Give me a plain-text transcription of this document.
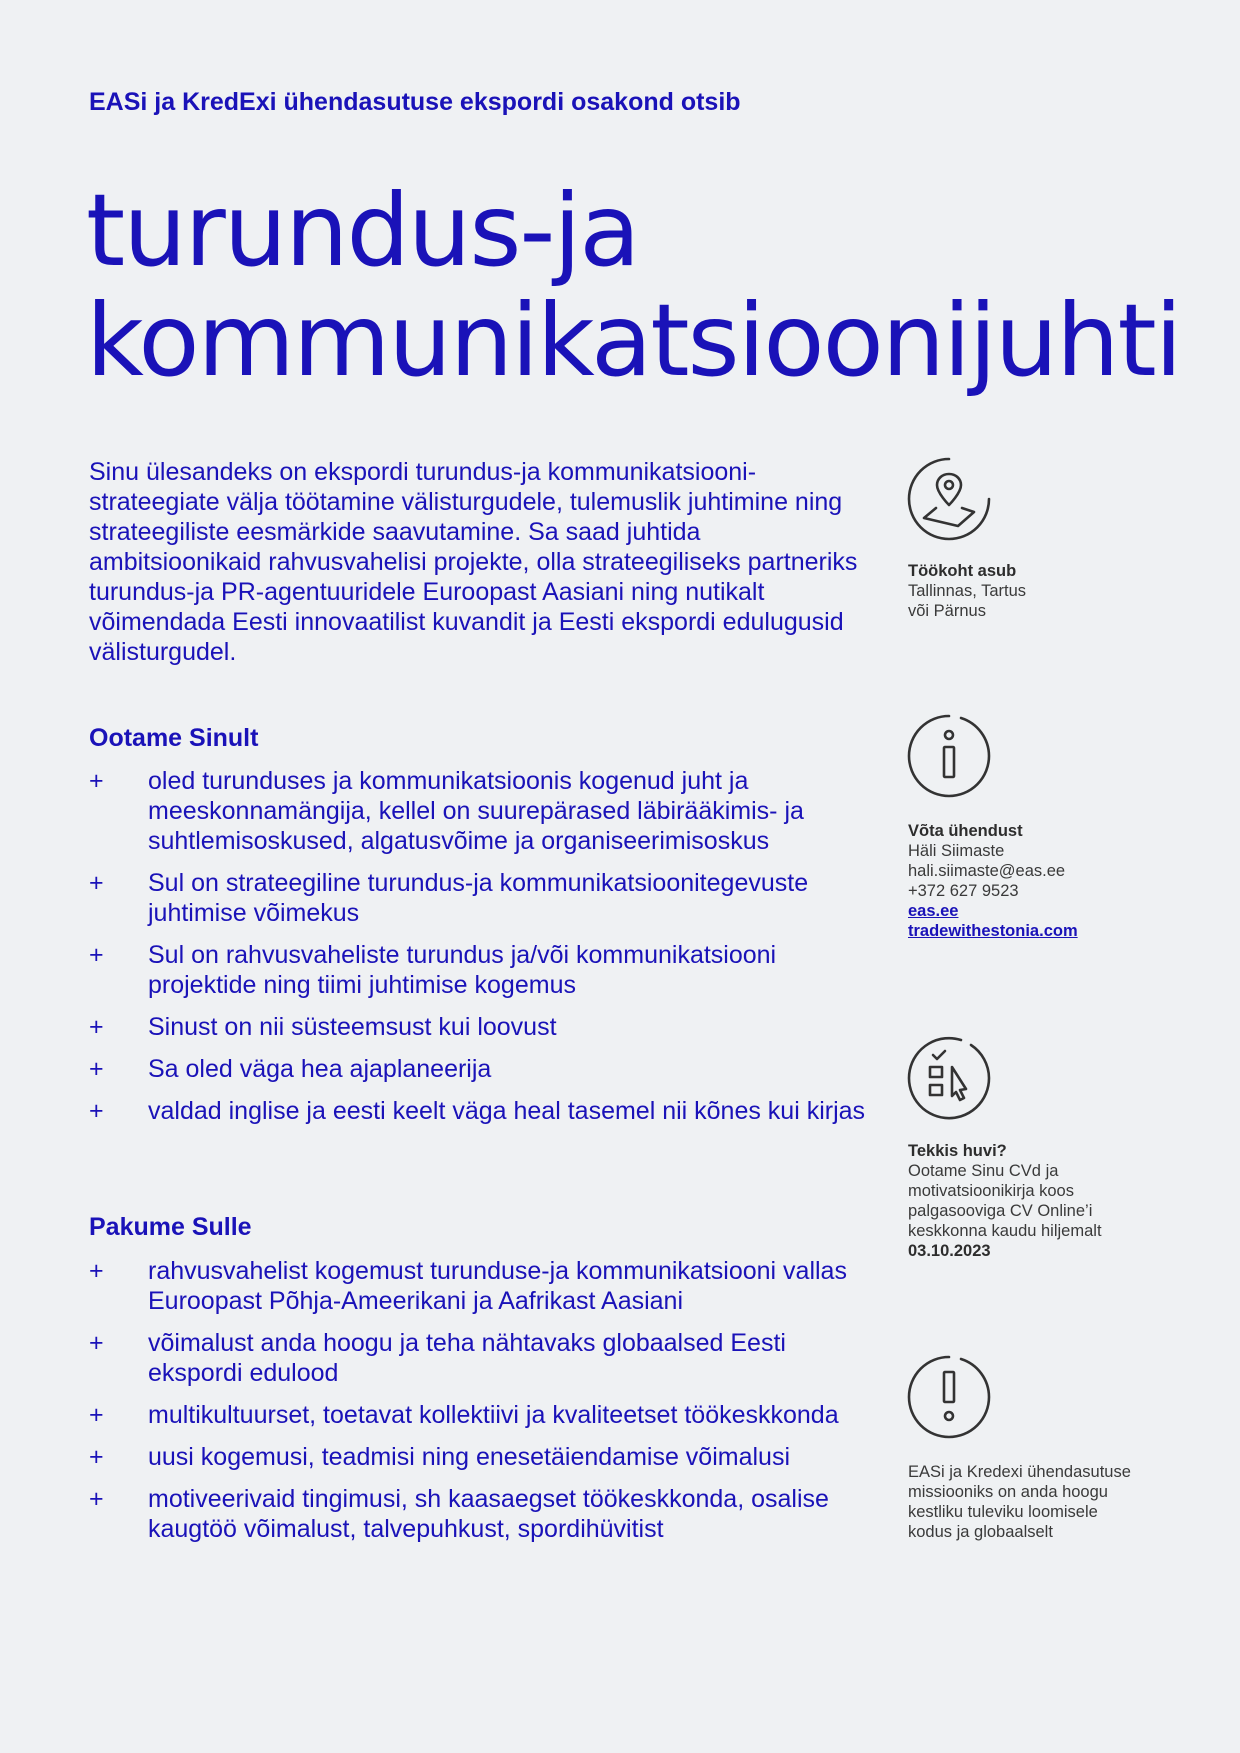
EASi ja KredExi ühendasutuse ekspordi osakond otsib
turundus-ja
kommunikatsioonijuhti

Sinu ülesandeks on ekspordi turundus-ja kommunikatsiooni-strateegiate välja töötamine välisturgudele, tulemuslik juhtimine ning strateegiliste eesmärkide saavutamine. Sa saad juhtida ambitsioonikaid rahvusvahelisi projekte, olla strateegiliseks partneriks turundus-ja PR-agentuuridele Euroopast Aasiani ning nutikalt võimendada Eesti innovaatilist kuvandit ja Eesti ekspordi edulugusid välisturgudel.

Ootame Sinult
+	oled turunduses ja kommunikatsioonis kogenud juht ja meeskonnamängija, kellel on suurepärased läbirääkimis- ja suhtlemisoskused, algatusvõime ja organiseerimisoskus
+	Sul on strateegiline turundus-ja kommunikatsioonitegevuste juhtimise võimekus
+	Sul on rahvusvaheliste turundus ja/või kommunikatsiooni projektide ning tiimi juhtimise kogemus
+	Sinust on nii süsteemsust kui loovust
+	Sa oled väga hea ajaplaneerija
+	valdad inglise ja eesti keelt väga heal tasemel nii kõnes kui kirjas
Pakume Sulle
+	rahvusvahelist kogemust turunduse-ja kommunikatsiooni vallas Euroopast Põhja-Ameerikani ja Aafrikast Aasiani
+	võimalust anda hoogu ja teha nähtavaks globaalsed Eesti ekspordi edulood
+	multikultuurset, toetavat kollektiivi ja kvaliteetset töökeskkonda
+	uusi kogemusi, teadmisi ning enesetäiendamise võimalusi
+	motiveerivaid tingimusi, sh kaasaegset töökeskkonda, osalise kaugtöö võimalust, talvepuhkust, spordihüvitist
Töökoht asub
Tallinnas, Tartus
või Pärnus
Võta ühendust
Häli Siimaste
hali.siimaste@eas.ee
+372 627 9523
eas.ee
tradewithestonia.com
Tekkis huvi?
Ootame Sinu CVd ja
motivatsioonikirja koos
palgasooviga CV Online’i
keskkonna kaudu hiljemalt
03.10.2023
EASi ja Kredexi ühendasutuse
missiooniks on anda hoogu
kestliku tuleviku loomisele
kodus ja globaalselt
